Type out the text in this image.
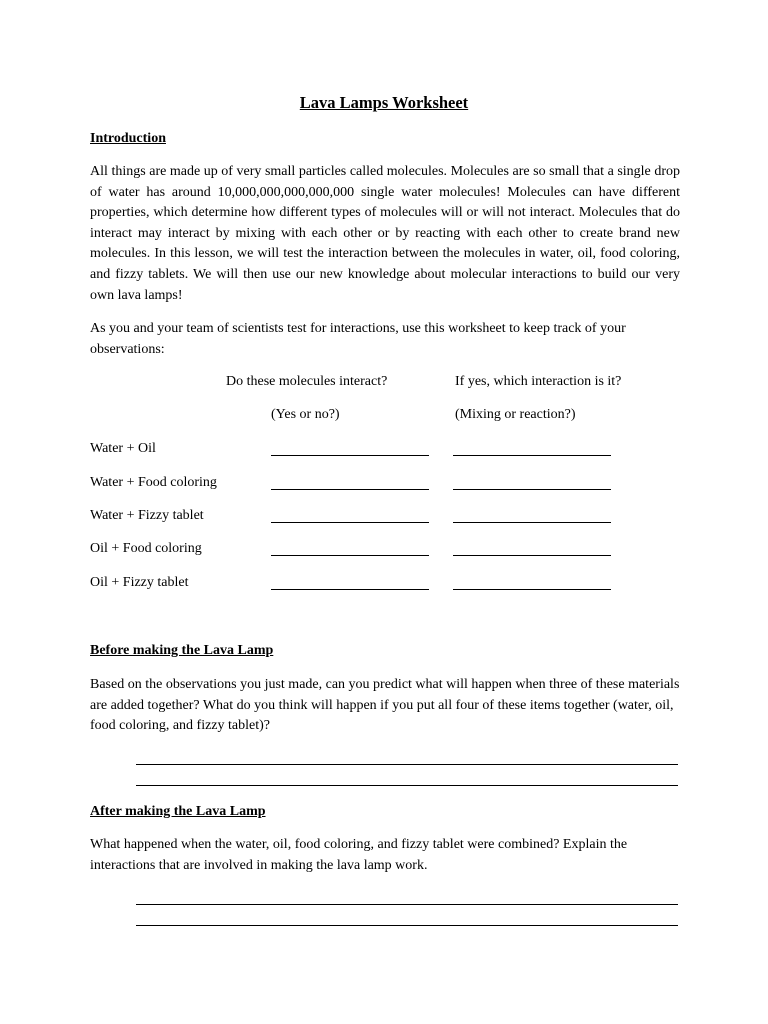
Lava Lamps Worksheet
Introduction

All things are made up of very small particles called molecules. Molecules are so small that a single drop of water has around 10,000,000,000,000,000 single water molecules! Molecules can have different properties, which determine how different types of molecules will or will not interact. Molecules that do interact may interact by mixing with each other or by reacting with each other to create brand new molecules. In this lesson, we will test the interaction between the molecules in water, oil, food coloring, and fizzy tablets. We will then use our new knowledge about molecular interactions to build our very own lava lamps!

As you and your team of scientists test for interactions, use this worksheet to keep track of your observations:

Do these molecules interact?	If yes, which interaction is it?
(Yes or no?)	(Mixing or reaction?)
Water + Oil
Water + Food coloring
Water + Fizzy tablet
Oil + Food coloring
Oil + Fizzy tablet
Before making the Lava Lamp

Based on the observations you just made, can you predict what will happen when three of these materials are added together? What do you think will happen if you put all four of these items together (water, oil, food coloring, and fizzy tablet)?

After making the Lava Lamp

What happened when the water, oil, food coloring, and fizzy tablet were combined? Explain the interactions that are involved in making the lava lamp work.
